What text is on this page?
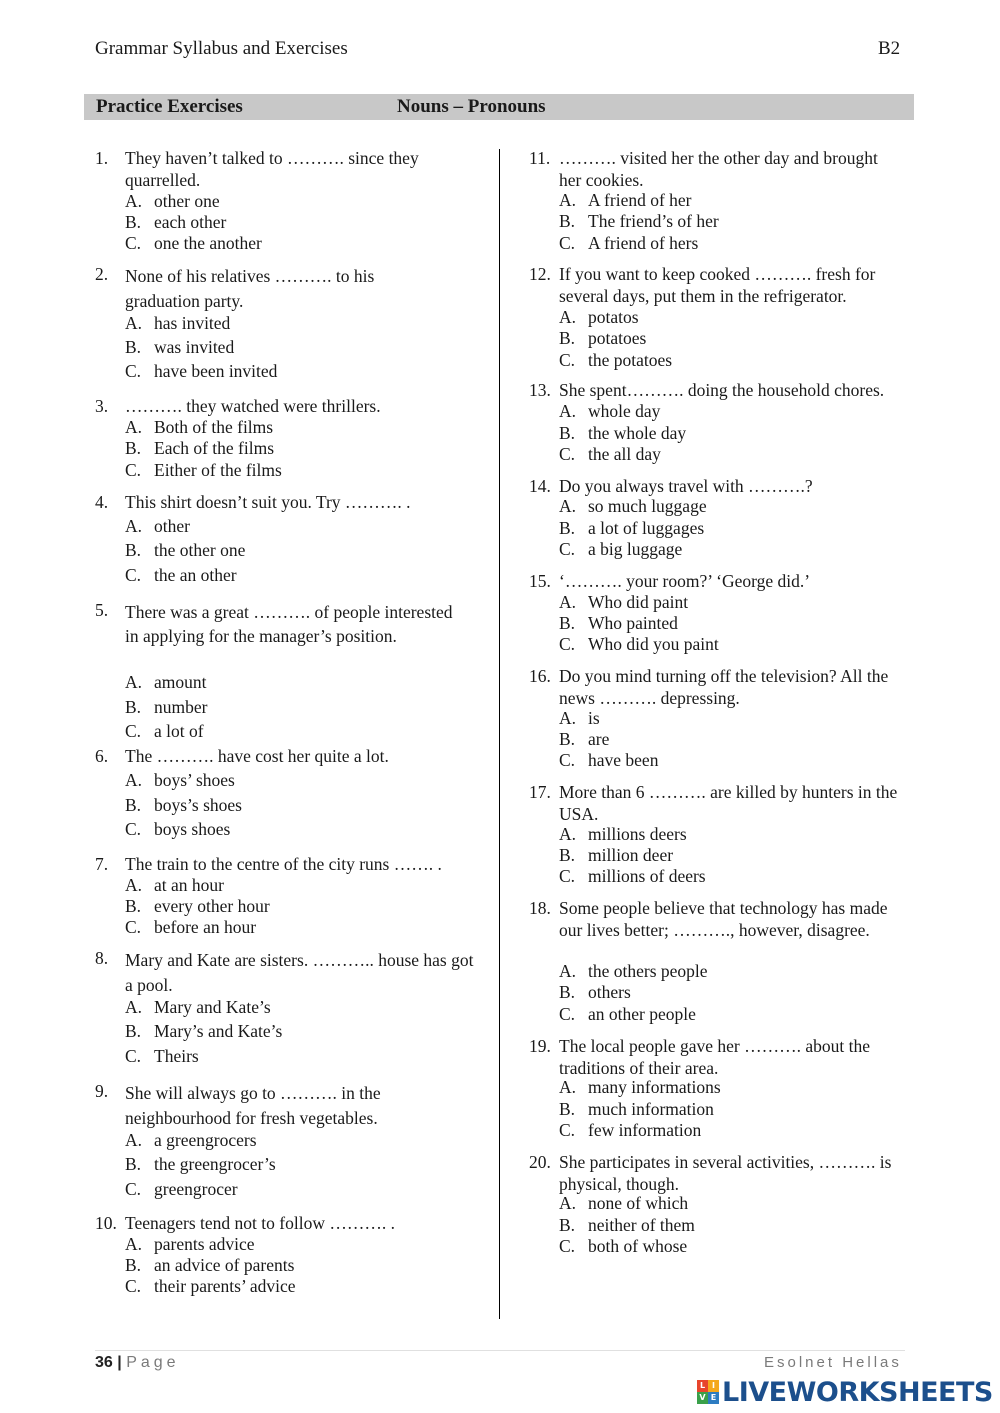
Grammar Syllabus and Exercises	B2
Practice Exercises	Nouns – Pronouns
1. They haven’t talked to ………. since they quarrelled.
A. other one
B. each other
C. one the another
2. None of his relatives ………. to his graduation party.
A. has invited
B. was invited
C. have been invited
3. ………. they watched were thrillers.
A. Both of the films
B. Each of the films
C. Either of the films
4. This shirt doesn’t suit you. Try ………. .
A. other
B. the other one
C. the an other
5. There was a great ………. of people interested in applying for the manager’s position.
A. amount
B. number
C. a lot of
6. The ………. have cost her quite a lot.
A. boys’ shoes
B. boys’s shoes
C. boys shoes
7. The train to the centre of the city runs ……. .
A. at an hour
B. every other hour
C. before an hour
8. Mary and Kate are sisters. ……….. house has got a pool.
A. Mary and Kate’s
B. Mary’s and Kate’s
C. Theirs
9. She will always go to ………. in the neighbourhood for fresh vegetables.
A. a greengrocers
B. the greengrocer’s
C. greengrocer
10. Teenagers tend not to follow ………. .
A. parents advice
B. an advice of parents
C. their parents’ advice
11. ………. visited her the other day and brought her cookies.
A. A friend of her
B. The friend’s of her
C. A friend of hers
12. If you want to keep cooked ………. fresh for several days, put them in the refrigerator.
A. potatos
B. potatoes
C. the potatoes
13. She spent………. doing the household chores.
A. whole day
B. the whole day
C. the all day
14. Do you always travel with ……….?
A. so much luggage
B. a lot of luggages
C. a big luggage
15. ‘………. your room?’ ‘George did.’
A. Who did paint
B. Who painted
C. Who did you paint
16. Do you mind turning off the television? All the news ………. depressing.
A. is
B. are
C. have been
17. More than 6 ………. are killed by hunters in the USA.
A. millions deers
B. million deer
C. millions of deers
18. Some people believe that technology has made our lives better; ………., however, disagree.
A. the others people
B. others
C. an other people
19. The local people gave her ………. about the traditions of their area.
A. many informations
B. much information
C. few information
20. She participates in several activities, ………. is physical, though.
A. none of which
B. neither of them
C. both of whose
36 | Page	Esolnet Hellas
L I
V E LIVEWORKSHEETS
